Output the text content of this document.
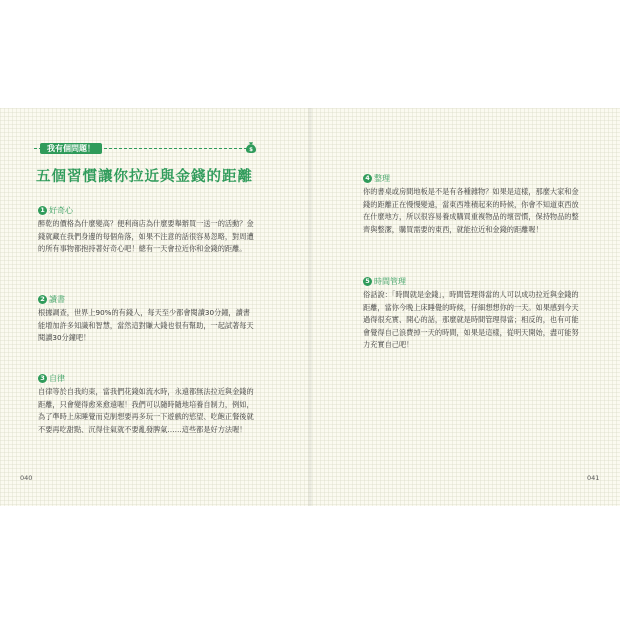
我有個問題！	$
五個習慣讓你拉近與金錢的距離
1 好奇心
醉乾的價格為什麼變高？便利商店為什麼要舉辦買一送一的活動？金錢就藏在我們身邊的每個角落，如果不注意的話很容易忽略，對周遭的所有事物都抱持著好奇心吧！總有一天會拉近你和金錢的距離。
2 讀書
根據調查，世界上90%的有錢人，每天至少都會閱讀30分鐘，讀書能增加許多知識和智慧，當然這對賺大錢也很有幫助，一起試著每天閱讀30分鐘吧！
3 自律
自律等於自我約束，當我們花錢如流水時，永遠都無法拉近與金錢的距離，只會變得愈來愈遠喔！我們可以隨時隨地培養自制力，例如，為了準時上床睡覺而克制想要再多玩一下遊戲的慾望、吃飽正餐後就不要再吃甜點、沉得住氣就不要亂發脾氣……這些都是好方法喔！
040
4 整理
你的書桌或房間地板是不是有各種雜物？如果是這樣，那麼大家和金錢的距離正在慢慢變遠，當東西堆積起來的時候，你會不知道東西放在什麼地方，所以很容易養成購買重複物品的壞習慣，保持物品的整齊與整潔，購買需要的東西，就能拉近和金錢的距離喔！
5 時間管理
俗話說：「時間就是金錢」，時間管理得當的人可以成功拉近與金錢的距離，當你今晚上床睡覺的時候，仔細想想你的一天。如果感到今天過得很充實、開心的話，那麼就是時間管理得當；相反的，也有可能會覺得自己浪費掉一天的時間，如果是這樣，從明天開始，盡可能努力充實自己吧！
041
